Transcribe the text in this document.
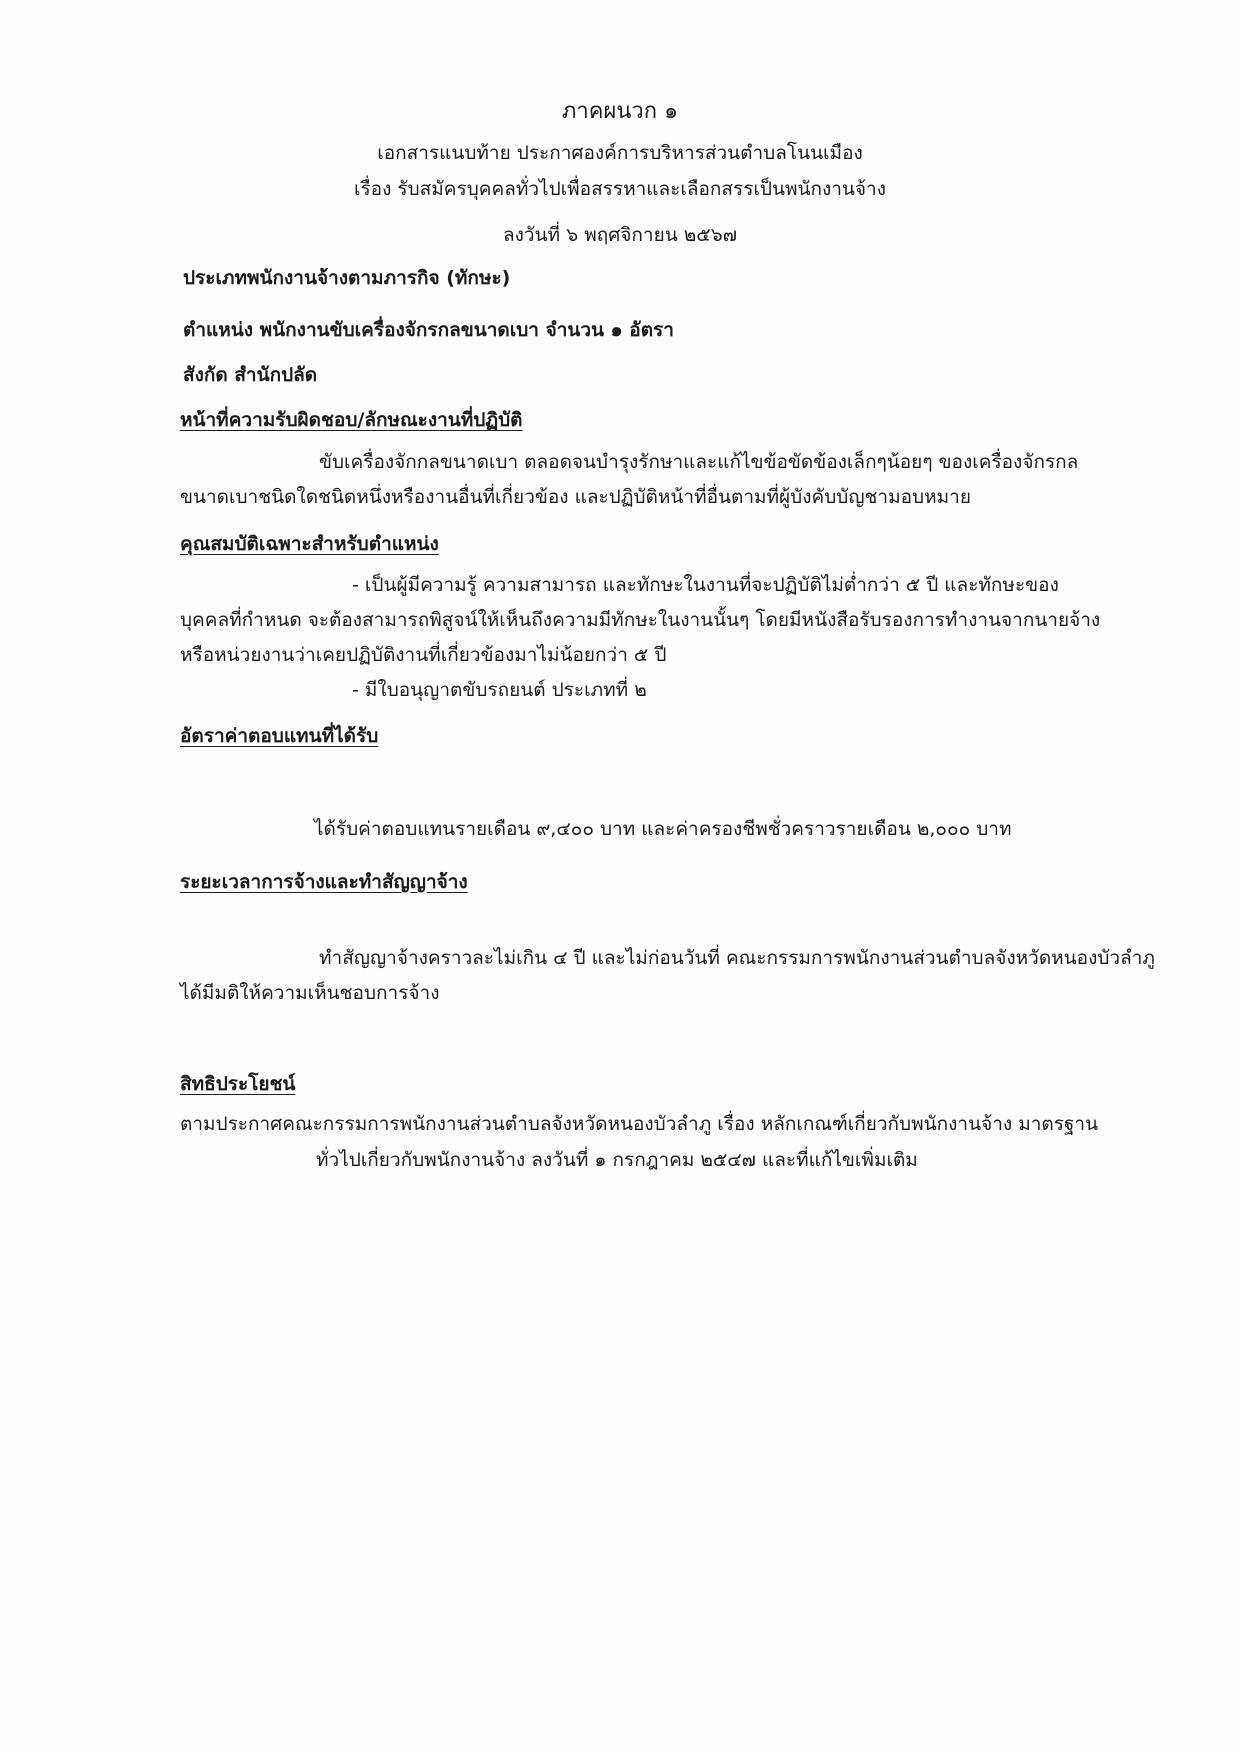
ภาคผนวก ๑
เอกสารแนบท้าย ประกาศองค์การบริหารส่วนตำบลโนนเมือง
เรื่อง รับสมัครบุคคลทั่วไปเพื่อสรรหาและเลือกสรรเป็นพนักงานจ้าง
ลงวันที่ ๖ พฤศจิกายน ๒๕๖๗
ประเภทพนักงานจ้างตามภารกิจ (ทักษะ)
ตำแหน่ง พนักงานขับเครื่องจักรกลขนาดเบา จำนวน ๑ อัตรา
สังกัด สำนักปลัด
หน้าที่ความรับผิดชอบ/ลักษณะงานที่ปฏิบัติ
ขับเครื่องจักกลขนาดเบา ตลอดจนบำรุงรักษาและแก้ไขข้อขัดข้องเล็กๆน้อยๆ ของเครื่องจักรกล
ขนาดเบาชนิดใดชนิดหนึ่งหรืองานอื่นที่เกี่ยวข้อง และปฏิบัติหน้าที่อื่นตามที่ผู้บังคับบัญชามอบหมาย
คุณสมบัติเฉพาะสำหรับตำแหน่ง
- เป็นผู้มีความรู้ ความสามารถ และทักษะในงานที่จะปฏิบัติไม่ต่ำกว่า ๕ ปี และทักษะของ
บุคคลที่กำหนด จะต้องสามารถพิสูจน์ให้เห็นถึงความมีทักษะในงานนั้นๆ โดยมีหนังสือรับรองการทำงานจากนายจ้าง
หรือหน่วยงานว่าเคยปฏิบัติงานที่เกี่ยวข้องมาไม่น้อยกว่า ๕ ปี
- มีใบอนุญาตขับรถยนต์ ประเภทที่ ๒
อัตราค่าตอบแทนที่ได้รับ
ได้รับค่าตอบแทนรายเดือน ๙,๔๐๐ บาท และค่าครองชีพชั่วคราวรายเดือน ๒,๐๐๐ บาท
ระยะเวลาการจ้างและทำสัญญาจ้าง
ทำสัญญาจ้างคราวละไม่เกิน ๔ ปี และไม่ก่อนวันที่ คณะกรรมการพนักงานส่วนตำบลจังหวัดหนองบัวลำภู
ได้มีมติให้ความเห็นชอบการจ้าง
สิทธิประโยชน์
ตามประกาศคณะกรรมการพนักงานส่วนตำบลจังหวัดหนองบัวลำภู เรื่อง หลักเกณฑ์เกี่ยวกับพนักงานจ้าง มาตรฐาน
ทั่วไปเกี่ยวกับพนักงานจ้าง ลงวันที่ ๑ กรกฎาคม ๒๕๔๗ และที่แก้ไขเพิ่มเติม
